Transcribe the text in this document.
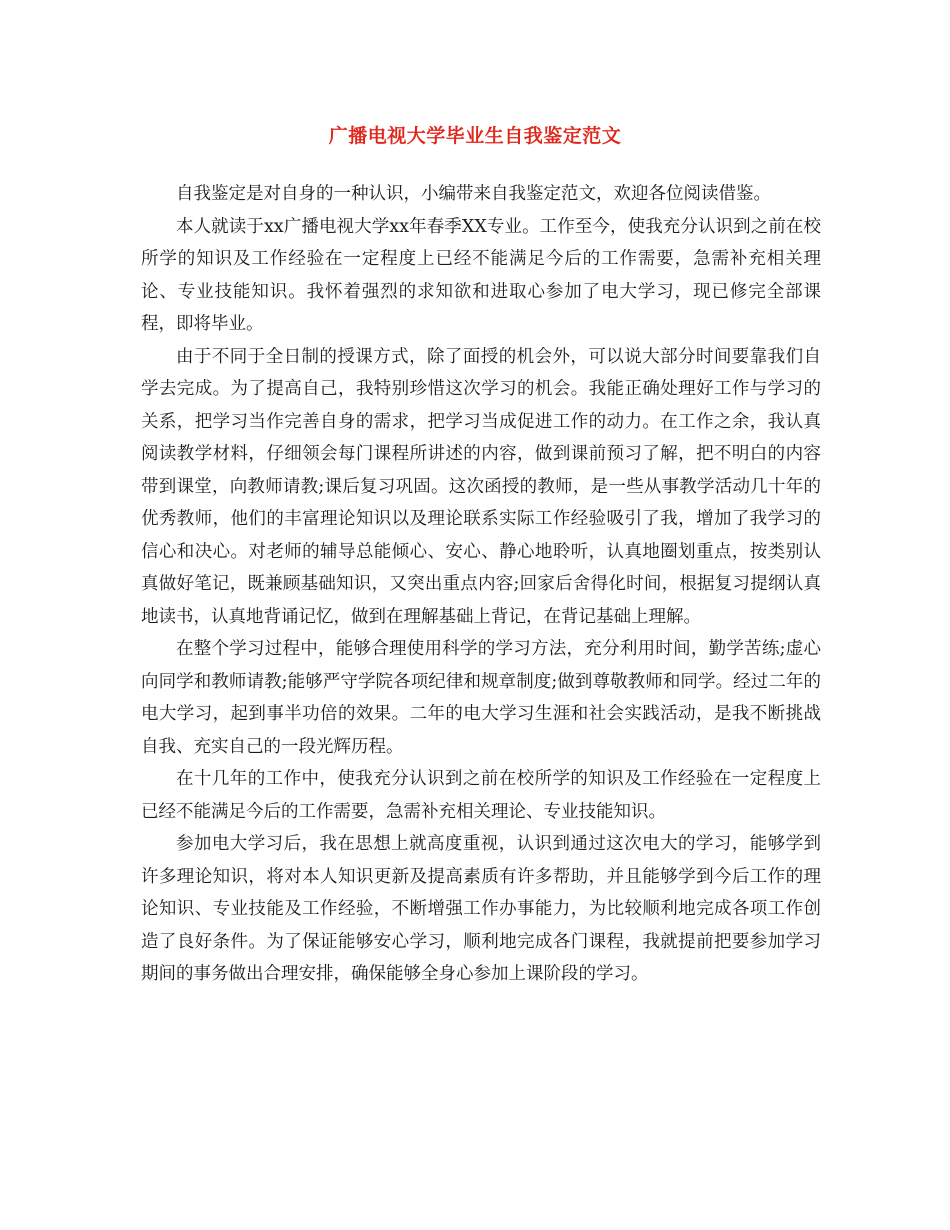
广播电视大学毕业生自我鉴定范文

自我鉴定是对自身的一种认识，小编带来自我鉴定范文，欢迎各位阅读借鉴。

本人就读于xx广播电视大学xx年春季XX专业。工作至今，使我充分认识到之前在校所学的知识及工作经验在一定程度上已经不能满足今后的工作需要，急需补充相关理论、专业技能知识。我怀着强烈的求知欲和进取心参加了电大学习，现已修完全部课程，即将毕业。

由于不同于全日制的授课方式，除了面授的机会外，可以说大部分时间要靠我们自学去完成。为了提高自己，我特别珍惜这次学习的机会。我能正确处理好工作与学习的关系，把学习当作完善自身的需求，把学习当成促进工作的动力。在工作之余，我认真阅读教学材料，仔细领会每门课程所讲述的内容，做到课前预习了解，把不明白的内容带到课堂，向教师请教;课后复习巩固。这次函授的教师，是一些从事教学活动几十年的优秀教师，他们的丰富理论知识以及理论联系实际工作经验吸引了我，增加了我学习的信心和决心。对老师的辅导总能倾心、安心、静心地聆听，认真地圈划重点，按类别认真做好笔记，既兼顾基础知识，又突出重点内容;回家后舍得化时间，根据复习提纲认真地读书，认真地背诵记忆，做到在理解基础上背记，在背记基础上理解。

在整个学习过程中，能够合理使用科学的学习方法，充分利用时间，勤学苦练;虚心向同学和教师请教;能够严守学院各项纪律和规章制度;做到尊敬教师和同学。经过二年的电大学习，起到事半功倍的效果。二年的电大学习生涯和社会实践活动，是我不断挑战自我、充实自己的一段光辉历程。

在十几年的工作中，使我充分认识到之前在校所学的知识及工作经验在一定程度上已经不能满足今后的工作需要，急需补充相关理论、专业技能知识。

参加电大学习后，我在思想上就高度重视，认识到通过这次电大的学习，能够学到许多理论知识，将对本人知识更新及提高素质有许多帮助，并且能够学到今后工作的理论知识、专业技能及工作经验，不断增强工作办事能力，为比较顺利地完成各项工作创造了良好条件。为了保证能够安心学习，顺利地完成各门课程，我就提前把要参加学习期间的事务做出合理安排，确保能够全身心参加上课阶段的学习。
